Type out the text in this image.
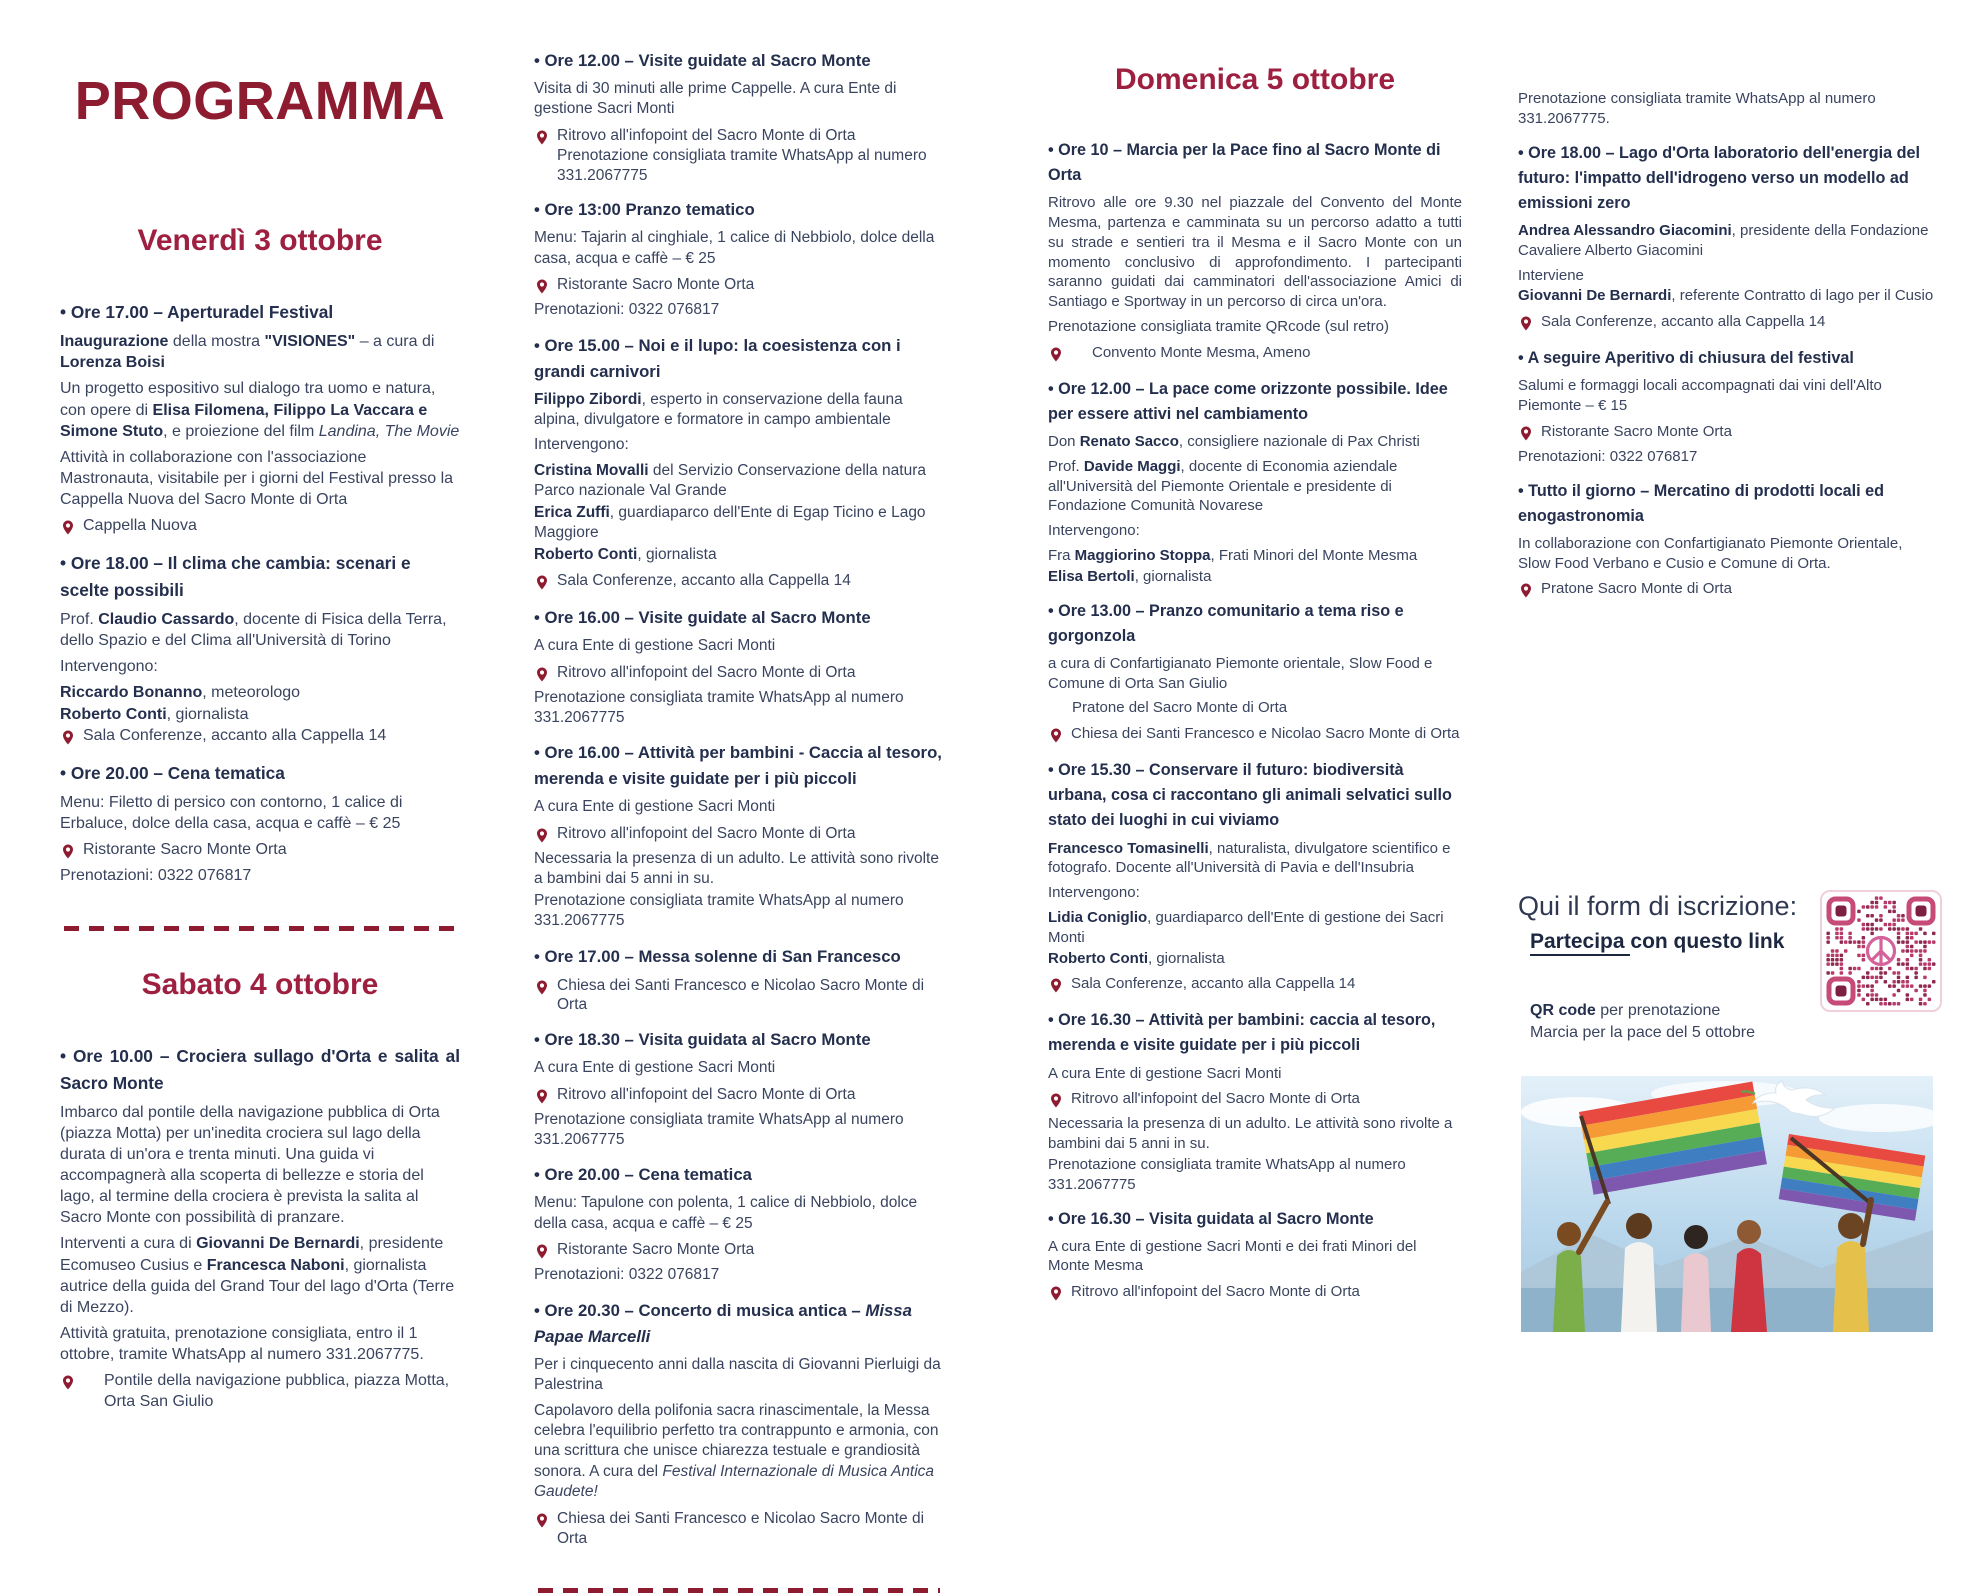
PROGRAMMA
Venerdì 3 ottobre
• Ore 17.00 – Aperturadel Festival
Inaugurazione della mostra "VISIONES" – a cura di Lorenza Boisi
Un progetto espositivo sul dialogo tra uomo e natura, con opere di Elisa Filomena, Filippo La Vaccara e Simone Stuto, e proiezione del film Landina, The Movie
Attività in collaborazione con l'associazione Mastronauta, visitabile per i giorni del Festival presso la Cappella Nuova del Sacro Monte di Orta
Cappella Nuova
• Ore 18.00 – Il clima che cambia: scenari e scelte possibili
Prof. Claudio Cassardo, docente di Fisica della Terra, dello Spazio e del Clima all'Università di Torino
Intervengono:
Riccardo Bonanno, meteorologo
Roberto Conti, giornalista
Sala Conferenze, accanto alla Cappella 14
• Ore 20.00 – Cena tematica
Menu: Filetto di persico con contorno, 1 calice di Erbaluce, dolce della casa, acqua e caffè – € 25
Ristorante Sacro Monte Orta
Prenotazioni: 0322 076817
Sabato 4 ottobre
• Ore 10.00 – Crociera sullago d'Orta e salita al Sacro Monte
Imbarco dal pontile della navigazione pubblica di Orta (piazza Motta) per un'inedita crociera sul lago della durata di un'ora e trenta minuti. Una guida vi accompagnerà alla scoperta di bellezze e storia del lago, al termine della crociera è prevista la salita al Sacro Monte con possibilità di pranzare.
Interventi a cura di Giovanni De Bernardi, presidente Ecomuseo Cusius e Francesca Naboni, giornalista autrice della guida del Grand Tour del lago d'Orta (Terre di Mezzo).
Attività gratuita, prenotazione consigliata, entro il 1 ottobre, tramite WhatsApp al numero 331.2067775.
Pontile della navigazione pubblica, piazza Motta, Orta San Giulio
• Ore 12.00 – Visite guidate al Sacro Monte
Visita di 30 minuti alle prime Cappelle. A cura Ente di gestione Sacri Monti
Ritrovo all'infopoint del Sacro Monte di Orta Prenotazione consigliata tramite WhatsApp al numero 331.2067775
• Ore 13:00 Pranzo tematico
Menu: Tajarin al cinghiale, 1 calice di Nebbiolo, dolce della casa, acqua e caffè – € 25
Ristorante Sacro Monte Orta
Prenotazioni: 0322 076817
• Ore 15.00 – Noi e il lupo: la coesistenza con i grandi carnivori
Filippo Zibordi, esperto in conservazione della fauna alpina, divulgatore e formatore in campo ambientale
Intervengono:
Cristina Movalli del Servizio Conservazione della natura Parco nazionale Val Grande
Erica Zuffi, guardiaparco dell'Ente di Egap Ticino e Lago Maggiore
Roberto Conti, giornalista
Sala Conferenze, accanto alla Cappella 14
• Ore 16.00 – Visite guidate al Sacro Monte
A cura Ente di gestione Sacri Monti
Ritrovo all'infopoint del Sacro Monte di Orta
Prenotazione consigliata tramite WhatsApp al numero 331.2067775
• Ore 16.00 – Attività per bambini - Caccia al tesoro, merenda e visite guidate per i più piccoli
A cura Ente di gestione Sacri Monti
Ritrovo all'infopoint del Sacro Monte di Orta
Necessaria la presenza di un adulto. Le attività sono rivolte a bambini dai 5 anni in su.
Prenotazione consigliata tramite WhatsApp al numero 331.2067775
• Ore 17.00 – Messa solenne di San Francesco
Chiesa dei Santi Francesco e Nicolao Sacro Monte di Orta
• Ore 18.30 – Visita guidata al Sacro Monte
A cura Ente di gestione Sacri Monti
Ritrovo all'infopoint del Sacro Monte di Orta
Prenotazione consigliata tramite WhatsApp al numero 331.2067775
• Ore 20.00 – Cena tematica
Menu: Tapulone con polenta, 1 calice di Nebbiolo, dolce della casa, acqua e caffè – € 25
Ristorante Sacro Monte Orta
Prenotazioni: 0322 076817
• Ore 20.30 – Concerto di musica antica – Missa Papae Marcelli
Per i cinquecento anni dalla nascita di Giovanni Pierluigi da Palestrina
Capolavoro della polifonia sacra rinascimentale, la Messa celebra l'equilibrio perfetto tra contrappunto e armonia, con una scrittura che unisce chiarezza testuale e grandiosità sonora. A cura del Festival Internazionale di Musica Antica Gaudete!
Chiesa dei Santi Francesco e Nicolao Sacro Monte di Orta
Domenica 5 ottobre
• Ore 10 – Marcia per la Pace fino al Sacro Monte di Orta
Ritrovo alle ore 9.30 nel piazzale del Convento del Monte Mesma, partenza e camminata su un percorso adatto a tutti su strade e sentieri tra il Mesma e il Sacro Monte con un momento conclusivo di approfondimento. I partecipanti saranno guidati dai camminatori dell'associazione Amici di Santiago e Sportway in un percorso di circa un'ora.
Prenotazione consigliata tramite QRcode (sul retro)
Convento Monte Mesma, Ameno
• Ore 12.00 – La pace come orizzonte possibile. Idee per essere attivi nel cambiamento
Don Renato Sacco, consigliere nazionale di Pax Christi
Prof. Davide Maggi, docente di Economia aziendale all'Università del Piemonte Orientale e presidente di Fondazione Comunità Novarese
Intervengono:
Fra Maggiorino Stoppa, Frati Minori del Monte Mesma
Elisa Bertoli, giornalista
• Ore 13.00 – Pranzo comunitario a tema riso e gorgonzola
a cura di Confartigianato Piemonte orientale, Slow Food e Comune di Orta San Giulio
Pratone del Sacro Monte di Orta
Chiesa dei Santi Francesco e Nicolao Sacro Monte di Orta
• Ore 15.30 – Conservare il futuro: biodiversità urbana, cosa ci raccontano gli animali selvatici sullo stato dei luoghi in cui viviamo
Francesco Tomasinelli, naturalista, divulgatore scientifico e fotografo. Docente all'Università di Pavia e dell'Insubria
Intervengono:
Lidia Coniglio, guardiaparco dell'Ente di gestione dei Sacri Monti
Roberto Conti, giornalista
Sala Conferenze, accanto alla Cappella 14
• Ore 16.30 – Attività per bambini: caccia al tesoro, merenda e visite guidate per i più piccoli
A cura Ente di gestione Sacri Monti
Ritrovo all'infopoint del Sacro Monte di Orta
Necessaria la presenza di un adulto. Le attività sono rivolte a bambini dai 5 anni in su.
Prenotazione consigliata tramite WhatsApp al numero 331.2067775
• Ore 16.30 – Visita guidata al Sacro Monte
A cura Ente di gestione Sacri Monti e dei frati Minori del Monte Mesma
Ritrovo all'infopoint del Sacro Monte di Orta
Prenotazione consigliata tramite WhatsApp al numero 331.2067775.
• Ore 18.00 – Lago d'Orta laboratorio dell'energia del futuro: l'impatto dell'idrogeno verso un modello ad emissioni zero
Andrea Alessandro Giacomini, presidente della Fondazione Cavaliere Alberto Giacomini
Interviene
Giovanni De Bernardi, referente Contratto di lago per il Cusio
Sala Conferenze, accanto alla Cappella 14
• A seguire Aperitivo di chiusura del festival
Salumi e formaggi locali accompagnati dai vini dell'Alto Piemonte – € 15
Ristorante Sacro Monte Orta
Prenotazioni: 0322 076817
• Tutto il giorno – Mercatino di prodotti locali ed enogastronomia
In collaborazione con Confartigianato Piemonte Orientale, Slow Food Verbano e Cusio e Comune di Orta.
Pratone Sacro Monte di Orta
Qui il form di iscrizione:
Partecipa con questo link
QR code per prenotazione
Marcia per la pace del 5 ottobre
